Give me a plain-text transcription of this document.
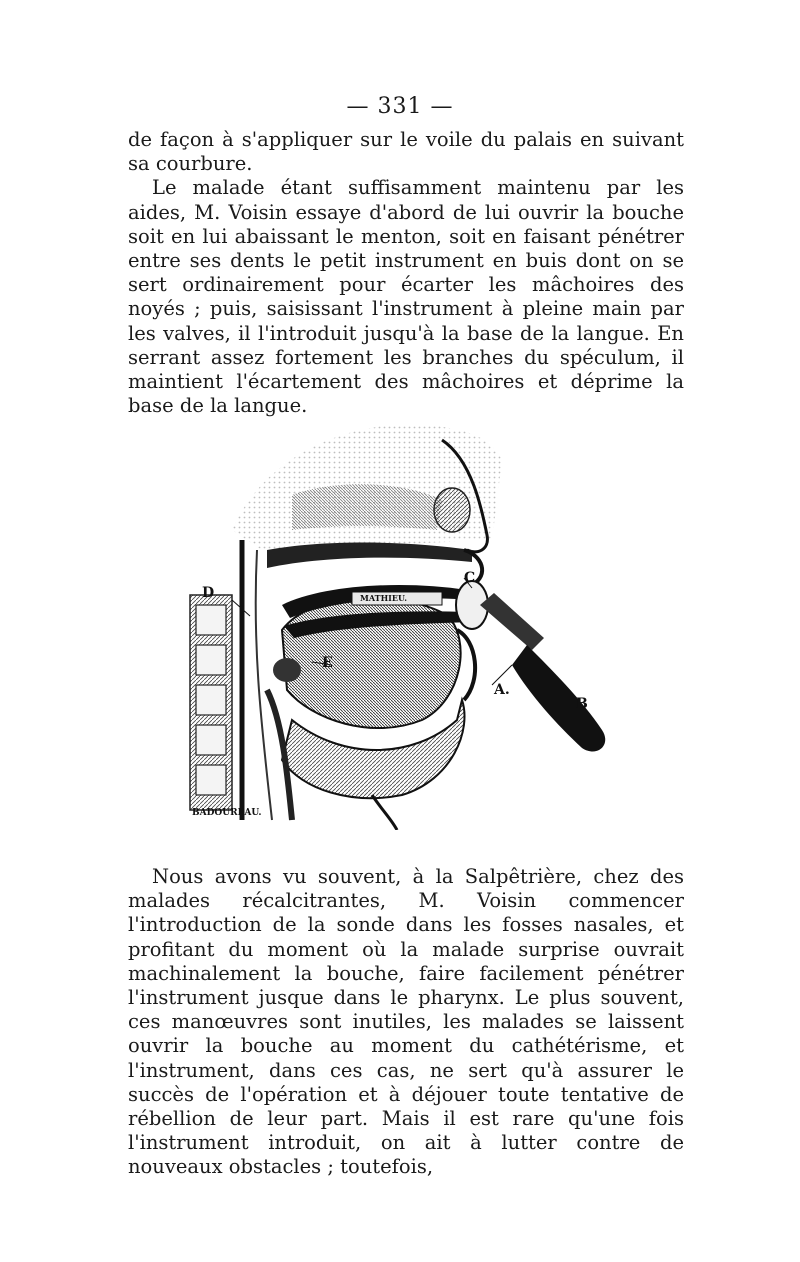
— 331 —

de façon à s'appliquer sur le voile du palais en suivant sa courbure.

Le malade étant suffisamment maintenu par les aides, M. Voisin essaye d'abord de lui ouvrir la bouche soit en lui abaissant le menton, soit en faisant pénétrer entre ses dents le petit instrument en buis dont on se sert ordinairement pour écarter les mâchoires des noyés ; puis, saisissant l'instrument à pleine main par les valves, il l'introduit jusqu'à la base de la langue. En serrant assez fortement les branches du spéculum, il maintient l'écartement des mâchoires et déprime la base de la langue.

D
E
C
A.
B
MATHIEU.
BADOUREAU.

Nous avons vu souvent, à la Salpêtrière, chez des malades récalcitrantes, M. Voisin commencer l'introduction de la sonde dans les fosses nasales, et profitant du moment où la malade surprise ouvrait machinalement la bouche, faire facilement pénétrer l'instrument jusque dans le pharynx. Le plus souvent, ces manœuvres sont inutiles, les malades se laissent ouvrir la bouche au moment du cathétérisme, et l'instrument, dans ces cas, ne sert qu'à assurer le succès de l'opération et à déjouer toute tentative de rébellion de leur part. Mais il est rare qu'une fois l'instrument introduit, on ait à lutter contre de nouveaux obstacles ; toutefois,
